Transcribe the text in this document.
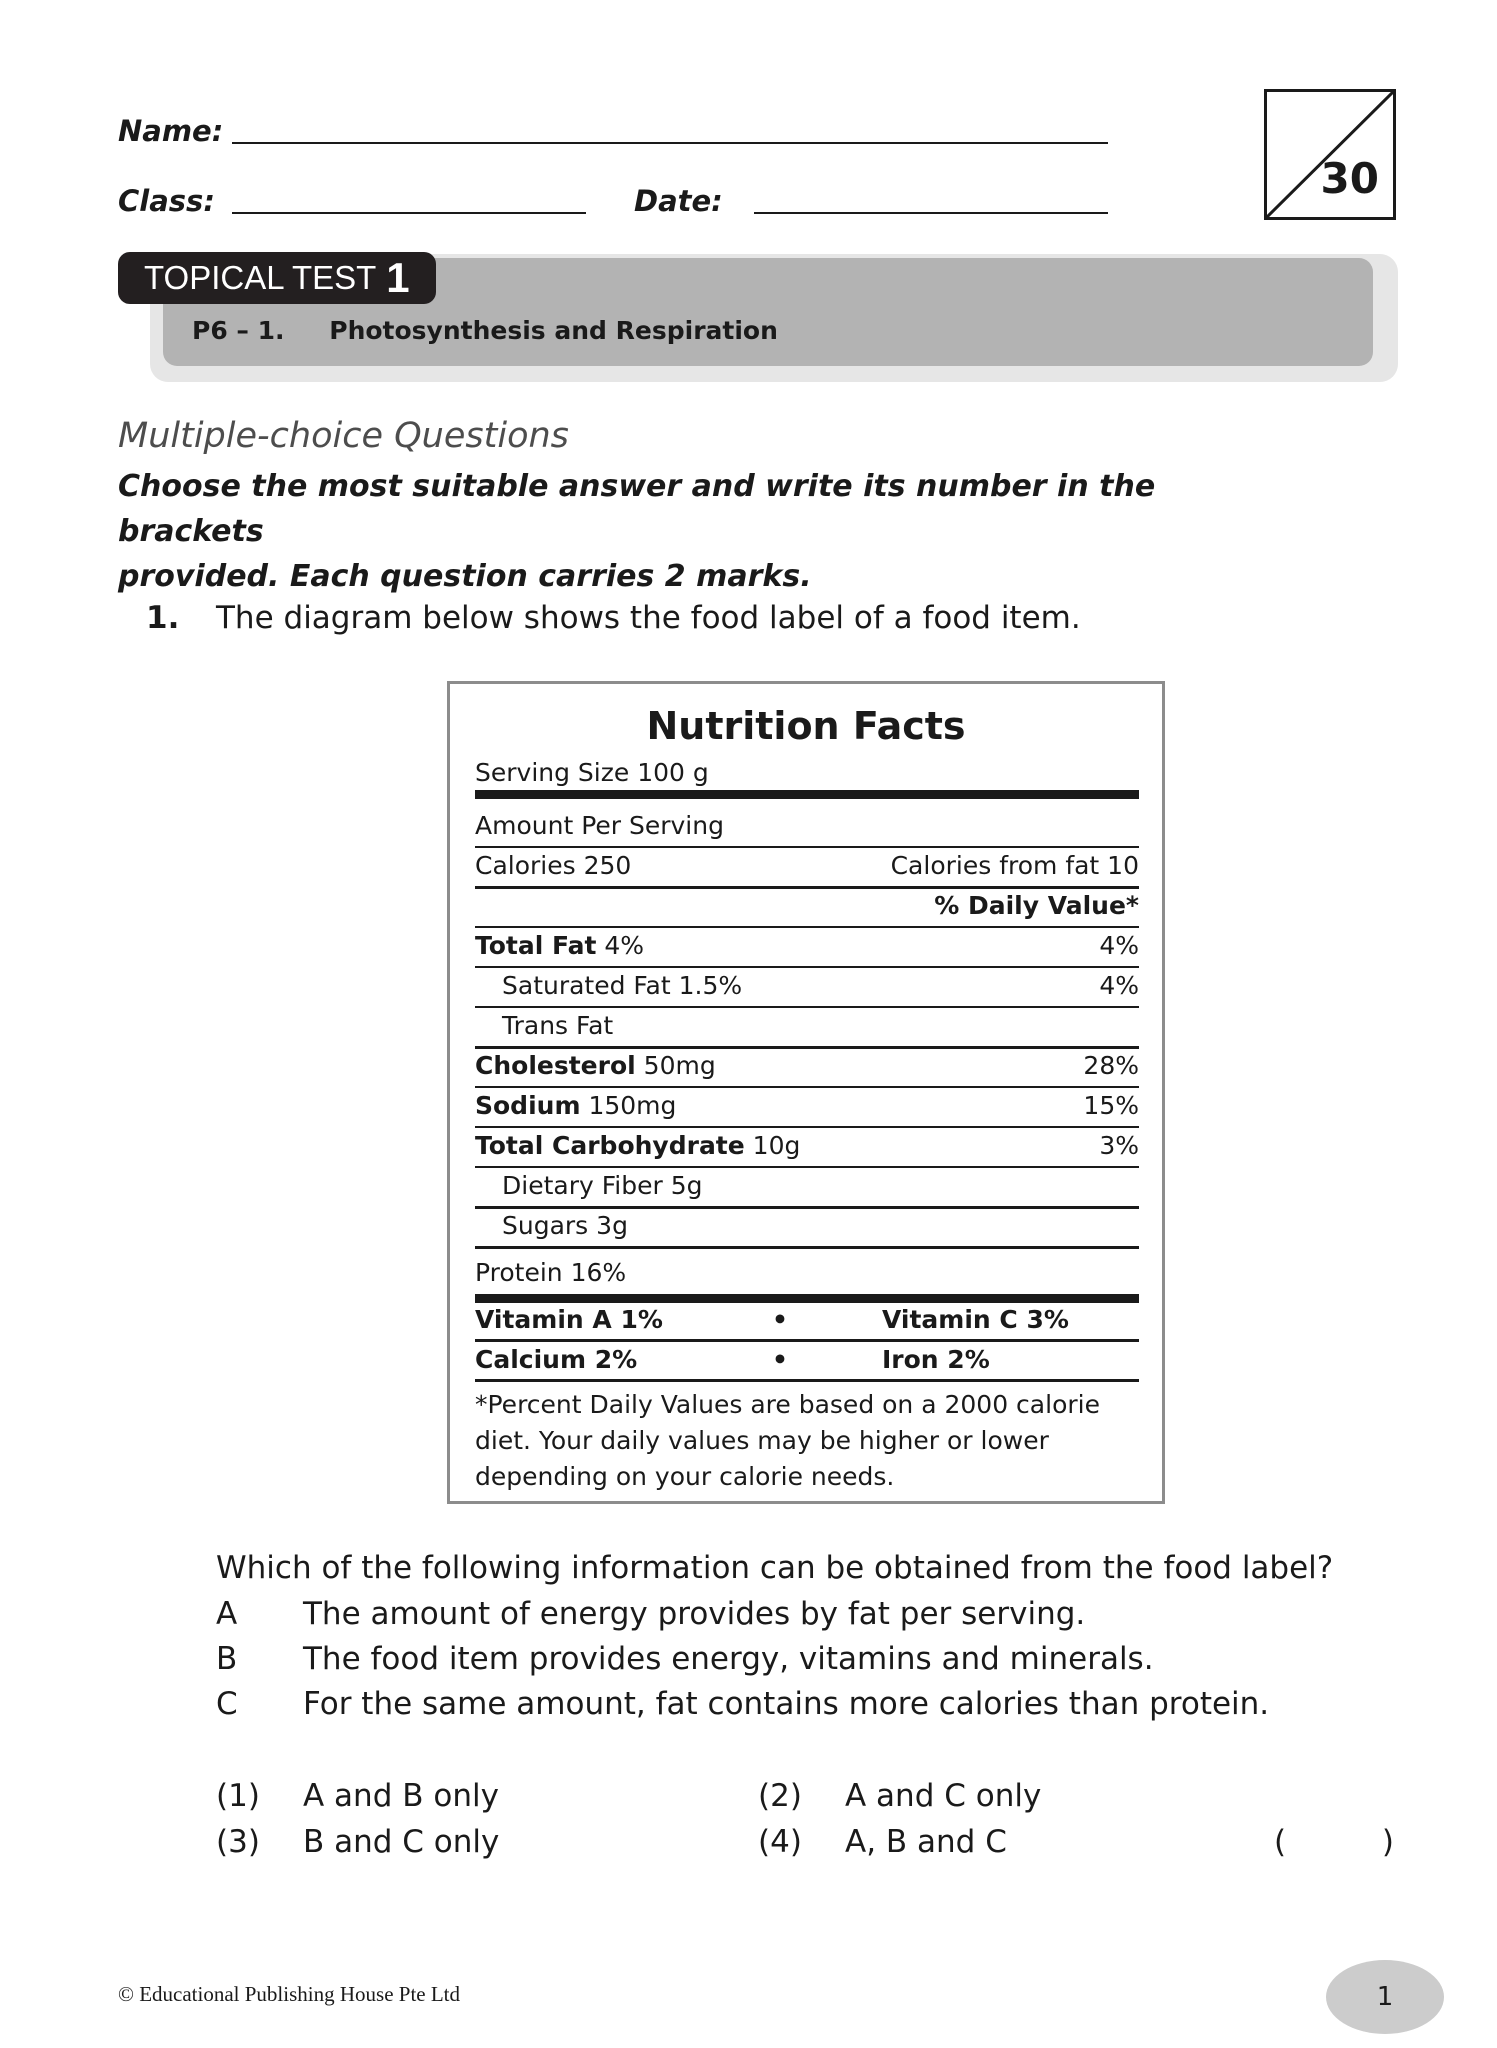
Name:
Class:	Date:	30
TOPICAL TEST 1
P6 – 1. Photosynthesis and Respiration
Multiple-choice Questions
Choose the most suitable answer and write its number in the brackets
provided. Each question carries 2 marks.
1. The diagram below shows the food label of a food item.
Nutrition Facts
Serving Size 100 g
Amount Per Serving
Calories 250	Calories from fat 10
% Daily Value*
Total Fat 4%	4%
Saturated Fat 1.5%	4%
Trans Fat
Cholesterol 50mg	28%
Sodium 150mg	15%
Total Carbohydrate 10g	3%
Dietary Fiber 5g
Sugars 3g
Protein 16%
Vitamin A 1%	•	Vitamin C 3%
Calcium 2%	•	Iron 2%
*Percent Daily Values are based on a 2000 calorie
diet. Your daily values may be higher or lower
depending on your calorie needs.
Which of the following information can be obtained from the food label?
A The amount of energy provides by fat per serving.
B The food item provides energy, vitamins and minerals.
C For the same amount, fat contains more calories than protein.
(1) A and B only	(2) A and C only
(3) B and C only	(4) A, B and C	(	)
© Educational Publishing House Pte Ltd	1
